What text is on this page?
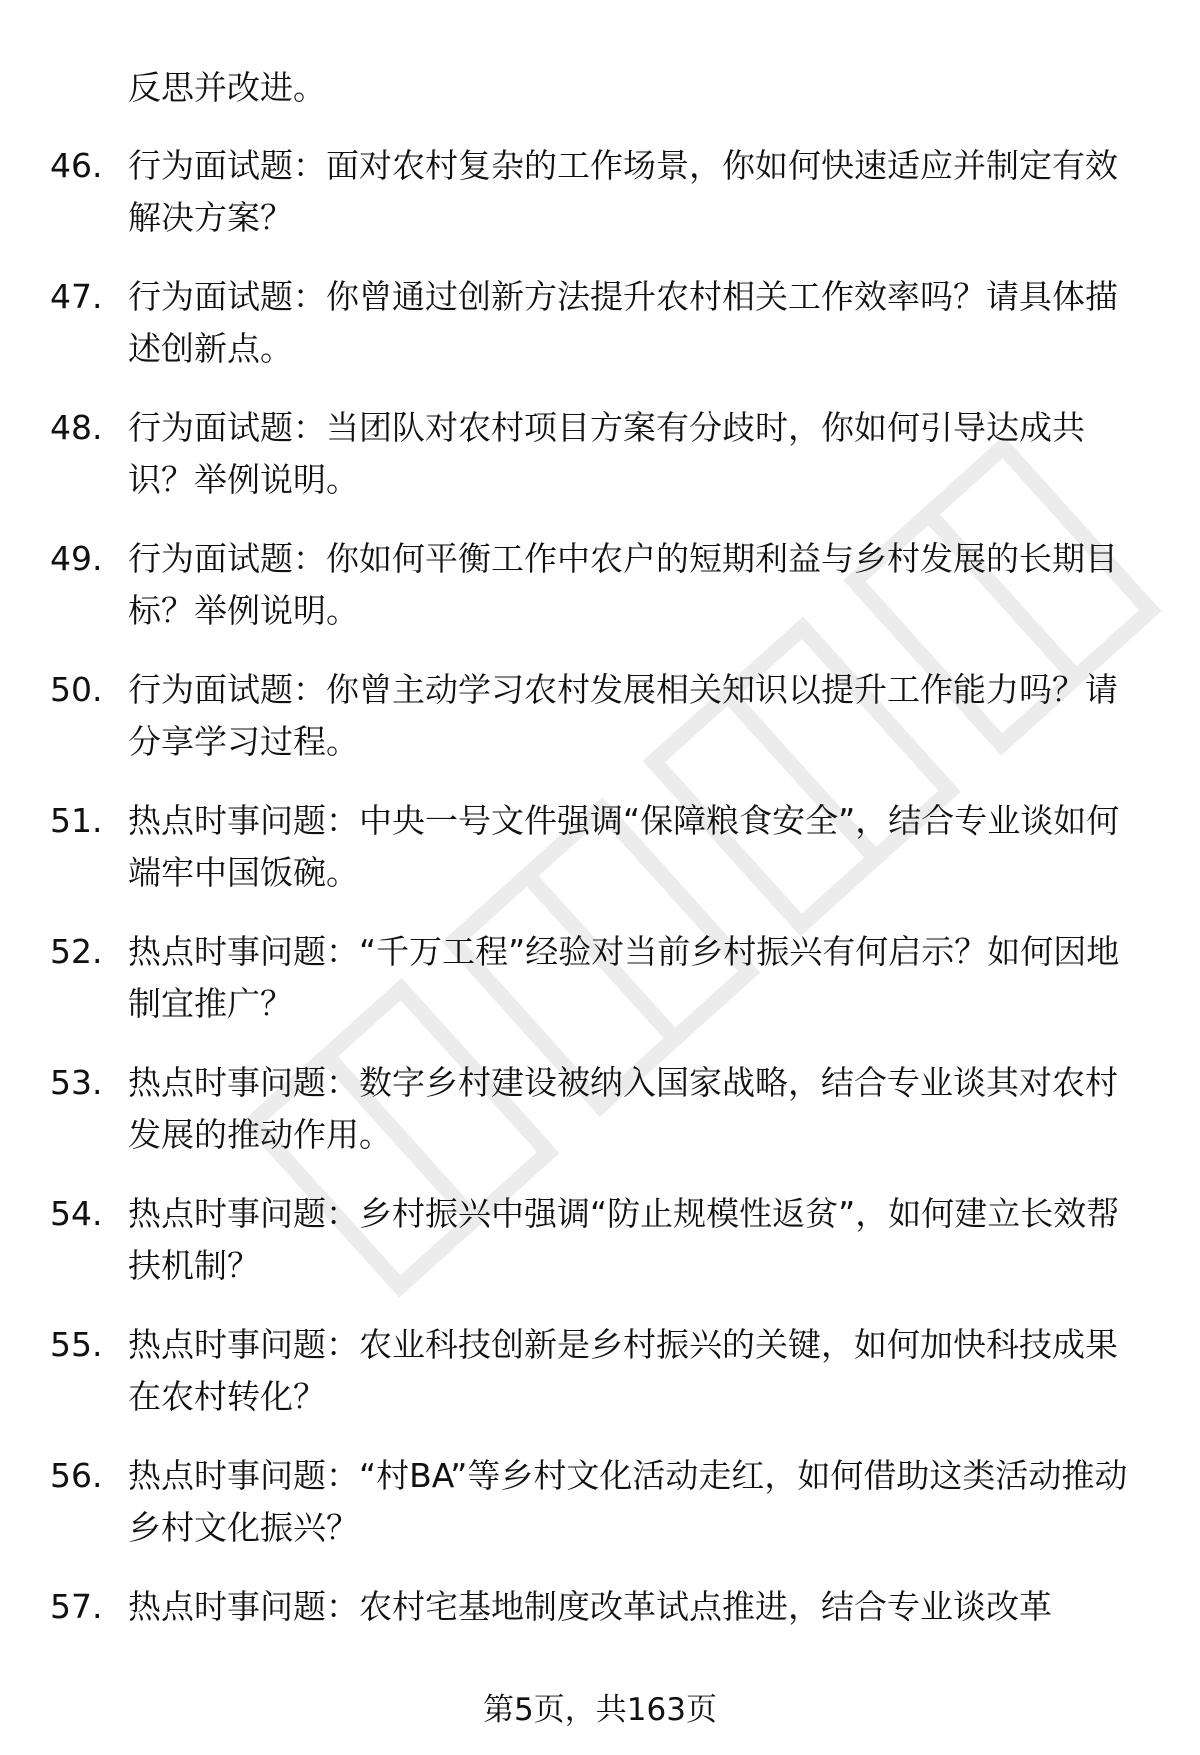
反思并改进。

46. 行为面试题：面对农村复杂的工作场景，你如何快速适应并制定有效解决方案？
47. 行为面试题：你曾通过创新方法提升农村相关工作效率吗？请具体描述创新点。
48. 行为面试题：当团队对农村项目方案有分歧时，你如何引导达成共识？举例说明。
49. 行为面试题：你如何平衡工作中农户的短期利益与乡村发展的长期目标？举例说明。
50. 行为面试题：你曾主动学习农村发展相关知识以提升工作能力吗？请分享学习过程。
51. 热点时事问题：中央一号文件强调“保障粮食安全”，结合专业谈如何端牢中国饭碗。
52. 热点时事问题：“千万工程”经验对当前乡村振兴有何启示？如何因地制宜推广？
53. 热点时事问题：数字乡村建设被纳入国家战略，结合专业谈其对农村发展的推动作用。
54. 热点时事问题：乡村振兴中强调“防止规模性返贫”，如何建立长效帮扶机制？
55. 热点时事问题：农业科技创新是乡村振兴的关键，如何加快科技成果在农村转化？
56. 热点时事问题：“村BA”等乡村文化活动走红，如何借助这类活动推动乡村文化振兴？
57. 热点时事问题：农村宅基地制度改革试点推进，结合专业谈改革
第5页，共163页
